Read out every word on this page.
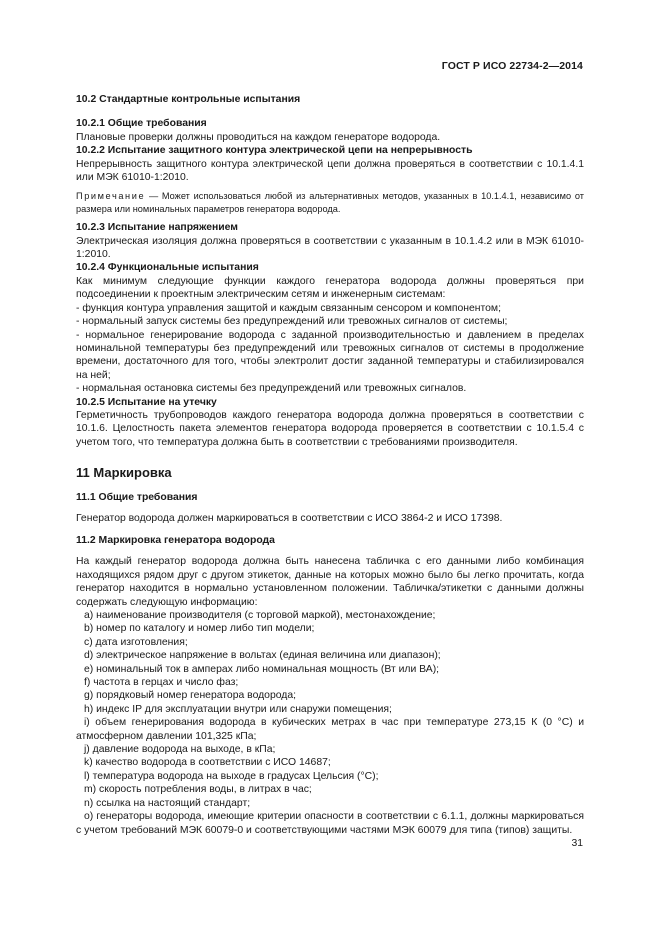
ГОСТ Р ИСО 22734-2—2014

10.2 Стандартные контрольные испытания

10.2.1 Общие требования

Плановые проверки должны проводиться на каждом генераторе водорода.

10.2.2 Испытание защитного контура электрической цепи на непрерывность

Непрерывность защитного контура электрической цепи должна проверяться в соответствии с 10.1.4.1 или МЭК 61010-1:2010.

Примечание — Может использоваться любой из альтернативных методов, указанных в 10.1.4.1, независимо от размера или номинальных параметров генератора водорода.

10.2.3 Испытание напряжением

Электрическая изоляция должна проверяться в соответствии с указанным в 10.1.4.2 или в МЭК 61010-1:2010.

10.2.4 Функциональные испытания

Как минимум следующие функции каждого генератора водорода должны проверяться при подсоединении к проектным электрическим сетям и инженерным системам:

- функция контура управления защитой и каждым связанным сенсором и компонентом;

- нормальный запуск системы без предупреждений или тревожных сигналов от системы;

- нормальное генерирование водорода с заданной производительностью и давлением в пределах номинальной температуры без предупреждений или тревожных сигналов от системы в продолжение времени, достаточного для того, чтобы электролит достиг заданной температуры и стабилизировался на ней;

- нормальная остановка системы без предупреждений или тревожных сигналов.

10.2.5 Испытание на утечку

Герметичность трубопроводов каждого генератора водорода должна проверяться в соответствии с 10.1.6. Целостность пакета элементов генератора водорода проверяется в соответствии с 10.1.5.4 с учетом того, что температура должна быть в соответствии с требованиями производителя.

11 Маркировка

11.1 Общие требования

Генератор водорода должен маркироваться в соответствии с ИСО 3864-2 и ИСО 17398.

11.2 Маркировка генератора водорода

На каждый генератор водорода должна быть нанесена табличка с его данными либо комбинация находящихся рядом друг с другом этикеток, данные на которых можно было бы легко прочитать, когда генератор находится в нормально установленном положении. Табличка/этикетки с данными должны содержать следующую информацию:

a) наименование производителя (с торговой маркой), местонахождение;

b) номер по каталогу и номер либо тип модели;

c) дата изготовления;

d) электрическое напряжение в вольтах (единая величина или диапазон);

e) номинальный ток в амперах либо номинальная мощность (Вт или ВА);

f) частота в герцах и число фаз;

g) порядковый номер генератора водорода;

h) индекс IP для эксплуатации внутри или снаружи помещения;

i) объем генерирования водорода в кубических метрах в час при температуре 273,15 К (0 °C) и атмосферном давлении 101,325 кПа;

j) давление водорода на выходе, в кПа;

k) качество водорода в соответствии с ИСО 14687;

l) температура водорода на выходе в градусах Цельсия (°C);

m) скорость потребления воды, в литрах в час;

n) ссылка на настоящий стандарт;

o) генераторы водорода, имеющие критерии опасности в соответствии с 6.1.1, должны маркироваться с учетом требований МЭК 60079-0 и соответствующими частями МЭК 60079 для типа (типов) защиты.

31
